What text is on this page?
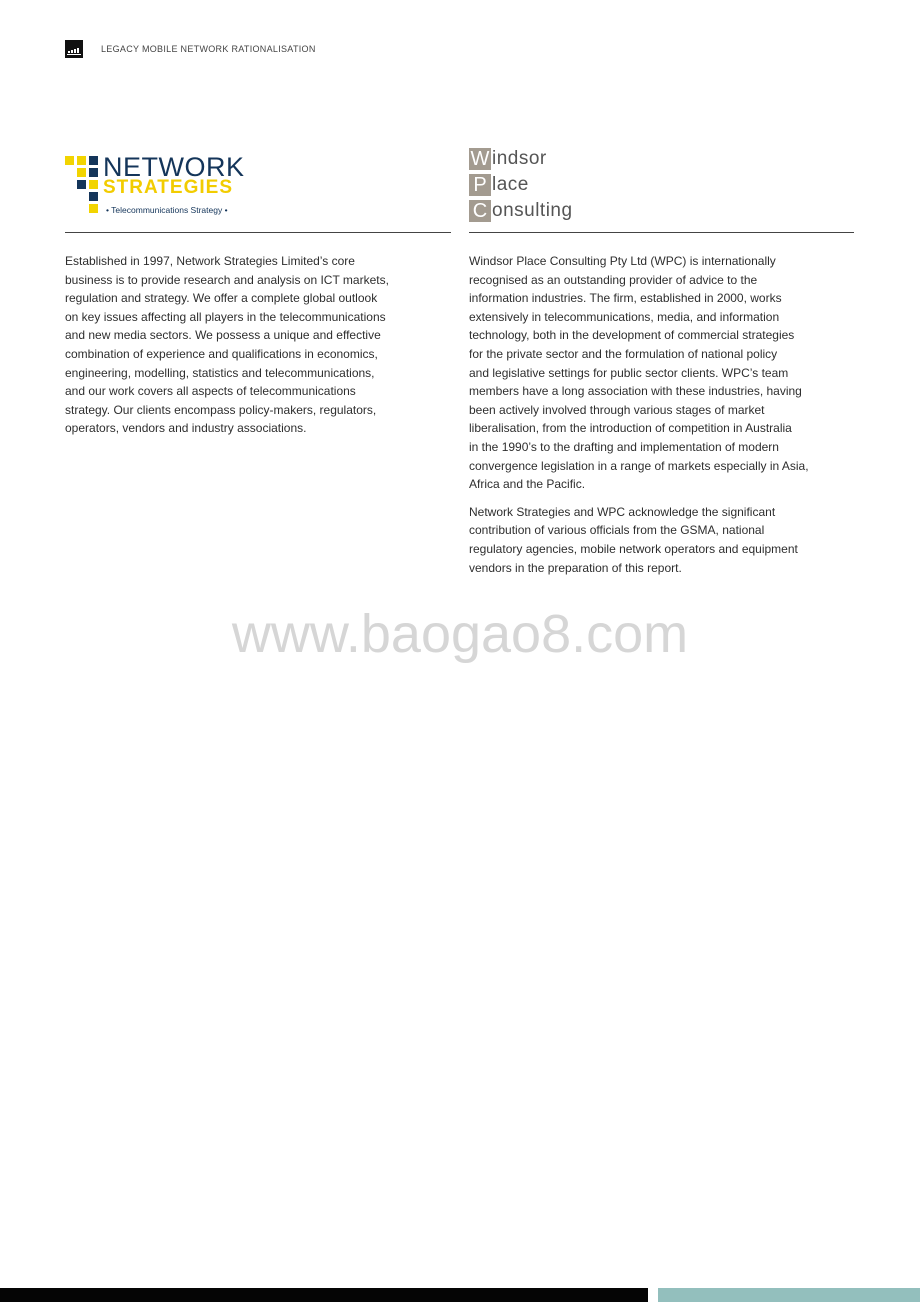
LEGACY MOBILE NETWORK RATIONALISATION
NETWORK
STRATEGIES
• Telecommunications Strategy •

Established in 1997, Network Strategies Limited’s core
business is to provide research and analysis on ICT markets,
regulation and strategy. We offer a complete global outlook
on key issues affecting all players in the telecommunications
and new media sectors. We possess a unique and effective
combination of experience and qualifications in economics,
engineering, modelling, statistics and telecommunications,
and our work covers all aspects of telecommunications
strategy. Our clients encompass policy-makers, regulators,
operators, vendors and industry associations.

W indsor
P lace
C onsulting

Windsor Place Consulting Pty Ltd (WPC) is internationally
recognised as an outstanding provider of advice to the
information industries. The firm, established in 2000, works
extensively in telecommunications, media, and information
technology, both in the development of commercial strategies
for the private sector and the formulation of national policy
and legislative settings for public sector clients. WPC’s team
members have a long association with these industries, having
been actively involved through various stages of market
liberalisation, from the introduction of competition in Australia
in the 1990’s to the drafting and implementation of modern
convergence legislation in a range of markets especially in Asia,
Africa and the Pacific.

Network Strategies and WPC acknowledge the significant
contribution of various officials from the GSMA, national
regulatory agencies, mobile network operators and equipment
vendors in the preparation of this report.

www.baogao8.com
